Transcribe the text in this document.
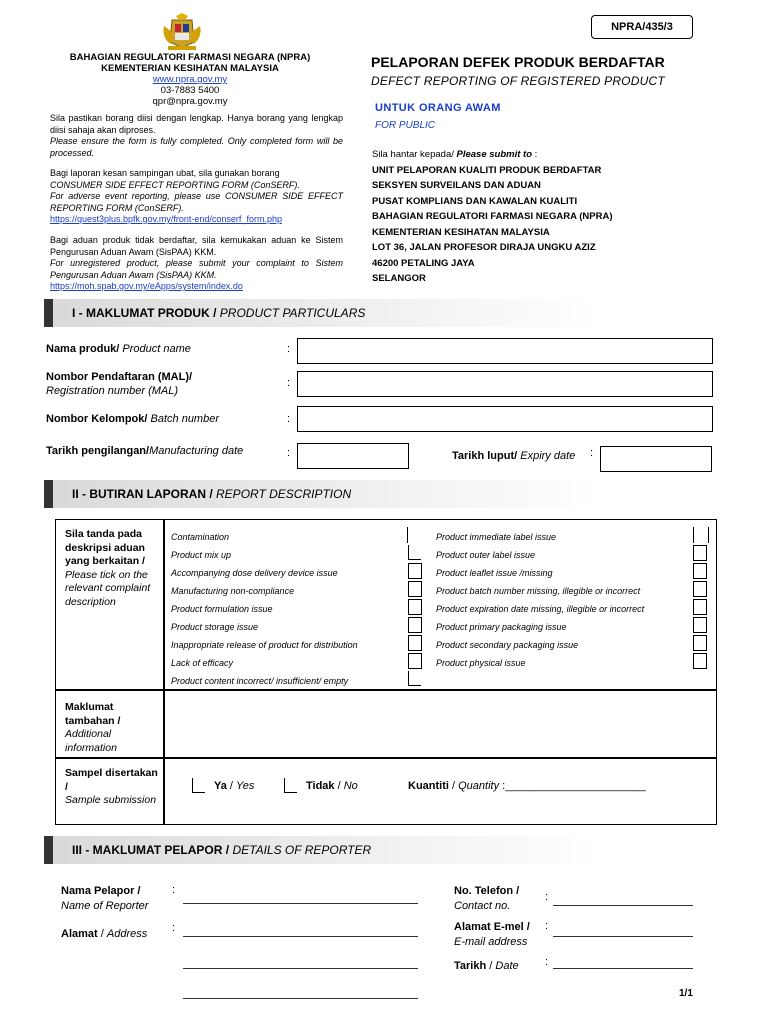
NPRA/435/3
BAHAGIAN REGULATORI FARMASI NEGARA (NPRA)
KEMENTERIAN KESIHATAN MALAYSIA
www.npra.gov.my
03-7883 5400
qpr@npra.gov.my
Sila pastikan borang diisi dengan lengkap. Hanya borang yang lengkap diisi sahaja akan diproses.
Please ensure the form is fully completed. Only completed form will be processed.
Bagi laporan kesan sampingan ubat, sila gunakan borang
CONSUMER SIDE EFFECT REPORTING FORM (ConSERF).
For adverse event reporting, please use CONSUMER SIDE EFFECT REPORTING FORM (ConSERF).
https://quest3plus.bpfk.gov.my/front-end/conserf_form.php
Bagi aduan produk tidak berdaftar, sila kemukakan aduan ke Sistem Pengurusan Aduan Awam (SisPAA) KKM.
For unregistered product, please submit your complaint to Sistem Pengurusan Aduan Awam (SisPAA) KKM.
https://moh.spab.gov.my/eApps/system/index.do
PELAPORAN DEFEK PRODUK BERDAFTAR
DEFECT REPORTING OF REGISTERED PRODUCT
UNTUK ORANG AWAM
FOR PUBLIC
Sila hantar kepada/ Please submit to :
UNIT PELAPORAN KUALITI PRODUK BERDAFTAR
SEKSYEN SURVEILANS DAN ADUAN
PUSAT KOMPLIANS DAN KAWALAN KUALITI
BAHAGIAN REGULATORI FARMASI NEGARA (NPRA)
KEMENTERIAN KESIHATAN MALAYSIA
LOT 36, JALAN PROFESOR DIRAJA UNGKU AZIZ
46200 PETALING JAYA
SELANGOR
I - MAKLUMAT PRODUK / PRODUCT PARTICULARS
Nama produk/ Product name	:
Nombor Pendaftaran (MAL)/
Registration number (MAL)
:
Nombor Kelompok/ Batch number	:
Tarikh pengilangan/Manufacturing date	:	Tarikh luput/ Expiry date :
II - BUTIRAN LAPORAN / REPORT DESCRIPTION
Sila tanda pada deskripsi aduan yang berkaitan /
Please tick on the relevant complaint description
Contamination
Product mix up
Accompanying dose delivery device issue
Manufacturing non-compliance
Product formulation issue
Product storage issue
Inappropriate release of product for distribution
Lack of efficacy
Product content incorrect/ insufficient/ empty
Product immediate label issue
Product outer label issue
Product leaflet issue /missing
Product batch number missing, illegible or incorrect
Product expiration date missing, illegible or incorrect
Product primary packaging issue
Product secondary packaging issue
Product physical issue
Maklumat tambahan /
Additional information
Sampel disertakan /
Sample submission
Ya / Yes	Tidak / No	Kuantiti / Quantity :_______________________
III - MAKLUMAT PELAPOR / DETAILS OF REPORTER
Nama Pelapor /
Name of Reporter
:
Alamat / Address :
No. Telefon /
Contact no.
:
Alamat E-mel /
E-mail address
:
Tarikh / Date :
1/1
